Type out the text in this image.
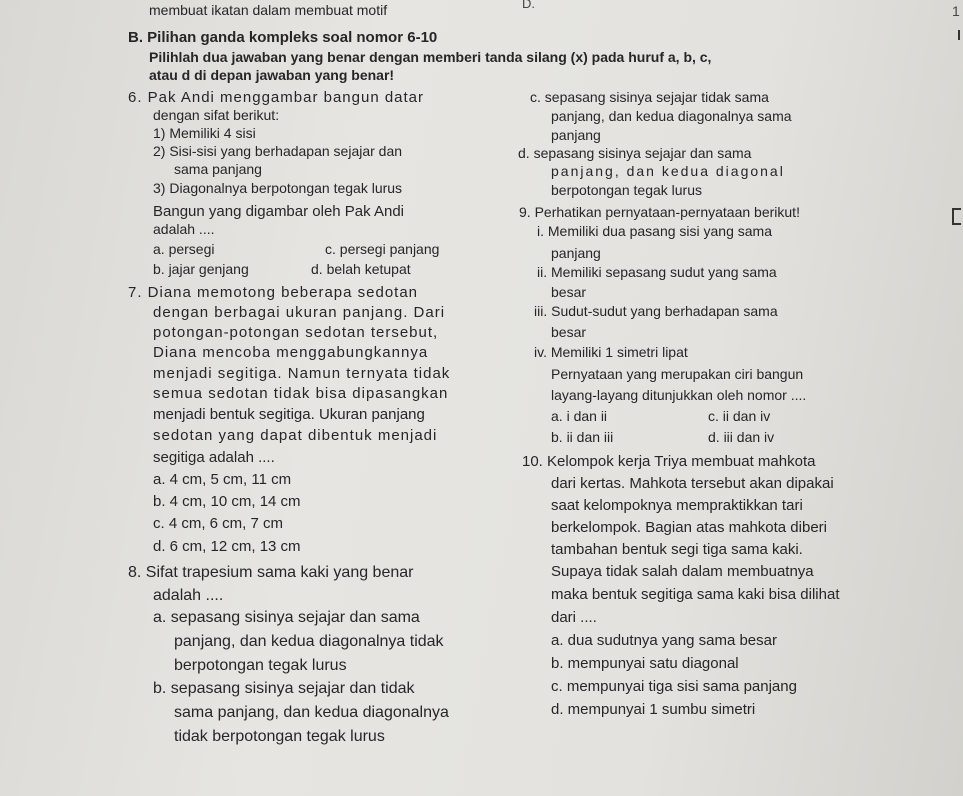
membuat ikatan dalam membuat motif	D.	1
B. Pilihan ganda kompleks soal nomor 6-10
Pilihlah dua jawaban yang benar dengan memberi tanda silang (x) pada huruf a, b, c,
atau d di depan jawaban yang benar!
6. Pak Andi menggambar bangun datar
dengan sifat berikut:
1) Memiliki 4 sisi
2) Sisi-sisi yang berhadapan sejajar dan
sama panjang
3) Diagonalnya berpotongan tegak lurus
Bangun yang digambar oleh Pak Andi
adalah ....
a. persegi	c. persegi panjang
b. jajar genjang	d. belah ketupat
7. Diana memotong beberapa sedotan
dengan berbagai ukuran panjang. Dari
potongan-potongan sedotan tersebut,
Diana mencoba menggabungkannya
menjadi segitiga. Namun ternyata tidak
semua sedotan tidak bisa dipasangkan
menjadi bentuk segitiga. Ukuran panjang
sedotan yang dapat dibentuk menjadi
segitiga adalah ....
a. 4 cm, 5 cm, 11 cm
b. 4 cm, 10 cm, 14 cm
c. 4 cm, 6 cm, 7 cm
d. 6 cm, 12 cm, 13 cm
8. Sifat trapesium sama kaki yang benar
adalah ....
a. sepasang sisinya sejajar dan sama
panjang, dan kedua diagonalnya tidak
berpotongan tegak lurus
b. sepasang sisinya sejajar dan tidak
sama panjang, dan kedua diagonalnya
tidak berpotongan tegak lurus
c. sepasang sisinya sejajar tidak sama
panjang, dan kedua diagonalnya sama
panjang
d. sepasang sisinya sejajar dan sama
panjang, dan kedua diagonal
berpotongan tegak lurus
9. Perhatikan pernyataan-pernyataan berikut!
i. Memiliki dua pasang sisi yang sama
panjang
ii. Memiliki sepasang sudut yang sama
besar
iii. Sudut-sudut yang berhadapan sama
besar
iv. Memiliki 1 simetri lipat
Pernyataan yang merupakan ciri bangun
layang-layang ditunjukkan oleh nomor ....
a. i dan ii	c. ii dan iv
b. ii dan iii	d. iii dan iv
10. Kelompok kerja Triya membuat mahkota
dari kertas. Mahkota tersebut akan dipakai
saat kelompoknya mempraktikkan tari
berkelompok. Bagian atas mahkota diberi
tambahan bentuk segi tiga sama kaki.
Supaya tidak salah dalam membuatnya
maka bentuk segitiga sama kaki bisa dilihat
dari ....
a. dua sudutnya yang sama besar
b. mempunyai satu diagonal
c. mempunyai tiga sisi sama panjang
d. mempunyai 1 sumbu simetri
